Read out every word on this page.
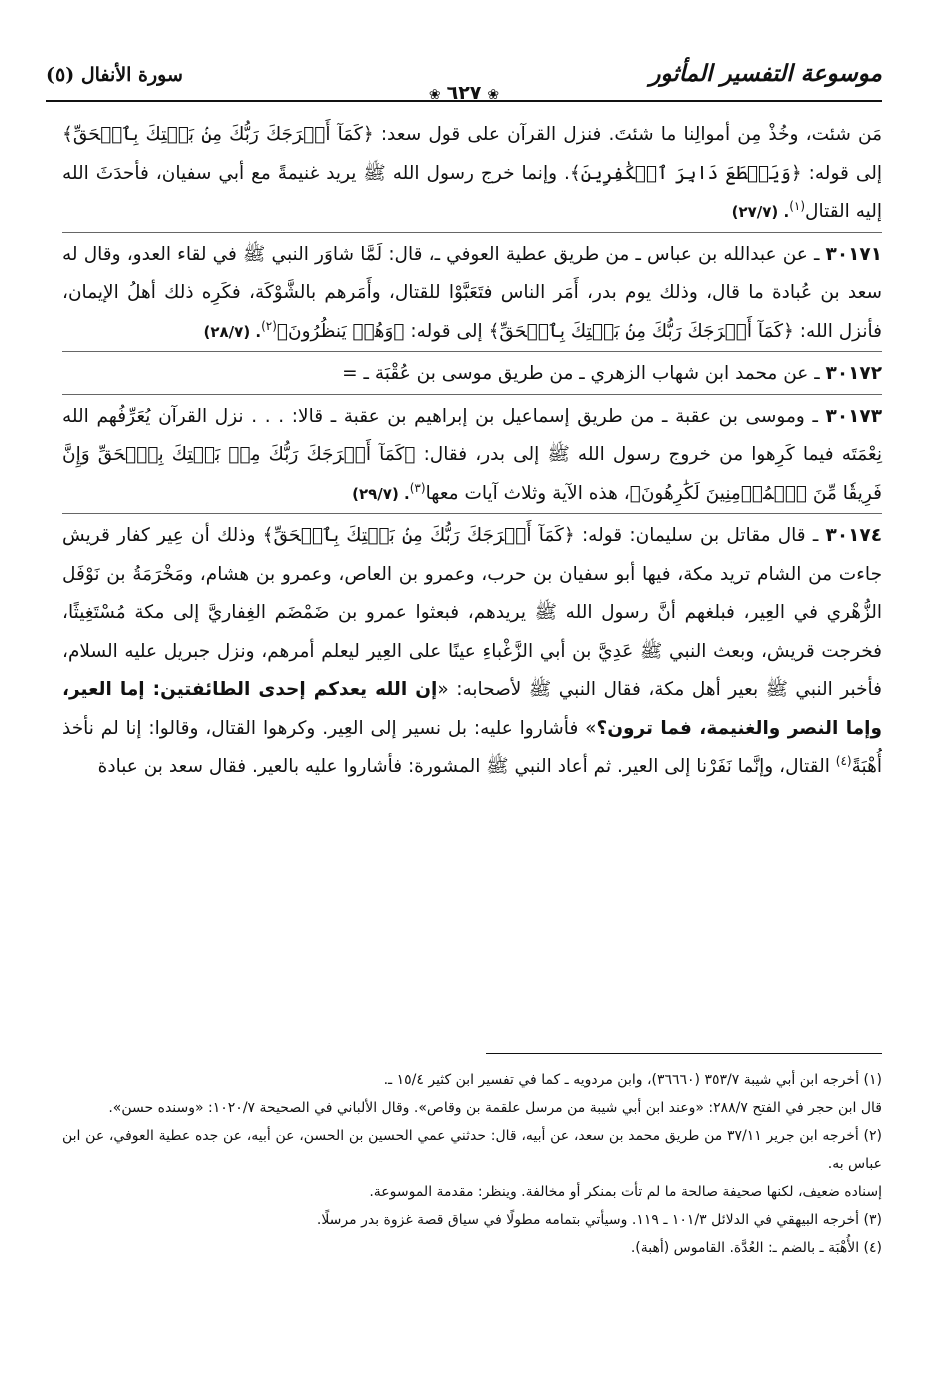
موسوعة التفسير المأثور
❀٦٢٧❀
سورة الأنفال (٥)

مَن شئت، وخُذْ مِن أموالِنا ما شئتَ. فنزل القرآن على قول سعد: ﴿كَمَآ أَخۡرَجَكَ رَبُّكَ مِنۢ بَيۡتِكَ بِٱلۡحَقِّ﴾ إلى قوله: ﴿وَيَقۡطَعَ دَابِرَ ٱلۡكَٰفِرِينَ﴾. وإنما خرج رسول الله ﷺ يريد غنيمةً مع أبي سفيان، فأحدَثَ الله إليه القتال$^{(١)}$. (٢٧/٧)

٣٠١٧١ ـ عن عبدالله بن عباس ـ من طريق عطية العوفي ـ، قال: لَمَّا شاوَر النبي ﷺ في لقاء العدو، وقال له سعد بن عُبادة ما قال، وذلك يوم بدر، أَمَر الناس فتَعَبَّوْا للقتال، وأَمَرهم بالشَّوْكَة، فكَرِه ذلك أهلُ الإيمان، فأنزل الله: ﴿كَمَآ أَخۡرَجَكَ رَبُّكَ مِنۢ بَيۡتِكَ بِٱلۡحَقِّ﴾ إلى قوله: ﴿وَهُمۡ يَنظُرُونَ﴾$^{(٢)}$. (٢٨/٧)

٣٠١٧٢ ـ عن محمد ابن شهاب الزهري ـ من طريق موسى بن عُقْبَة ـ =

٣٠١٧٣ ـ وموسى بن عقبة ـ من طريق إسماعيل بن إبراهيم بن عقبة ـ قالا: . . . نزل القرآن يُعَرِّفُهم الله نِعْمَتَه فيما كَرِهوا من خروج رسول الله ﷺ إلى بدر، فقال: ﴿كَمَآ أَخۡرَجَكَ رَبُّكَ مِنۢ بَيۡتِكَ بِٱلۡحَقِّ وَإِنَّ فَرِيقٗا مِّنَ ٱلۡمُؤۡمِنِينَ لَكَٰرِهُونَ﴾، هذه الآية وثلاث آيات معها$^{(٣)}$. (٢٩/٧)

٣٠١٧٤ ـ قال مقاتل بن سليمان: قوله: ﴿كَمَآ أَخۡرَجَكَ رَبُّكَ مِنۢ بَيۡتِكَ بِٱلۡحَقِّ﴾ وذلك أن عِير كفار قريش جاءت من الشام تريد مكة، فيها أبو سفيان بن حرب، وعمرو بن العاص، وعمرو بن هشام، ومَخْرَمَةُ بن نَوْفَل الزُّهْري في العِير، فبلغهم أنَّ رسول الله ﷺ يريدهم، فبعثوا عمرو بن ضَمْضَم الغِفاريَّ إلى مكة مُسْتَغِيثًا، فخرجت قريش، وبعث النبي ﷺ عَدِيَّ بن أبي الزَّغْباءِ عينًا على العِير ليعلم أمرهم، ونزل جبريل عليه السلام، فأخبر النبي ﷺ بعير أهل مكة، فقال النبي ﷺ لأصحابه: «إن الله يعدكم إحدى الطائفتين: إما العير، وإما النصر والغنيمة، فما ترون؟» فأشاروا عليه: بل نسير إلى العِير. وكرهوا القتال، وقالوا: إنا لم نأخذ أُهْبَةً$^{(٤)}$ القتال، وإنَّما نَفَرْنا إلى العير. ثم أعاد النبي ﷺ المشورة: فأشاروا عليه بالعير. فقال سعد بن عبادة

(١) أخرجه ابن أبي شيبة ٣٥٣/٧ (٣٦٦٦٠)، وابن مردويه ـ كما في تفسير ابن كثير ١٥/٤ ـ.

قال ابن حجر في الفتح ٢٨٨/٧: «وعند ابن أبي شيبة من مرسل علقمة بن وقاص». وقال الألباني في الصحيحة ١٠٢٠/٧: «وسنده حسن».

(٢) أخرجه ابن جرير ٣٧/١١ من طريق محمد بن سعد، عن أبيه، قال: حدثني عمي الحسين بن الحسن، عن أبيه، عن جده عطية العوفي، عن ابن عباس به.

إسناده ضعيف، لكنها صحيفة صالحة ما لم تأت بمنكر أو مخالفة. وينظر: مقدمة الموسوعة.

(٣) أخرجه البيهقي في الدلائل ١٠١/٣ ـ ١١٩. وسيأتي بتمامه مطولًا في سياق قصة غزوة بدر مرسلًا.

(٤) الأُهْبَة ـ بالضم ـ: العُدَّة. القاموس (أهبة).
